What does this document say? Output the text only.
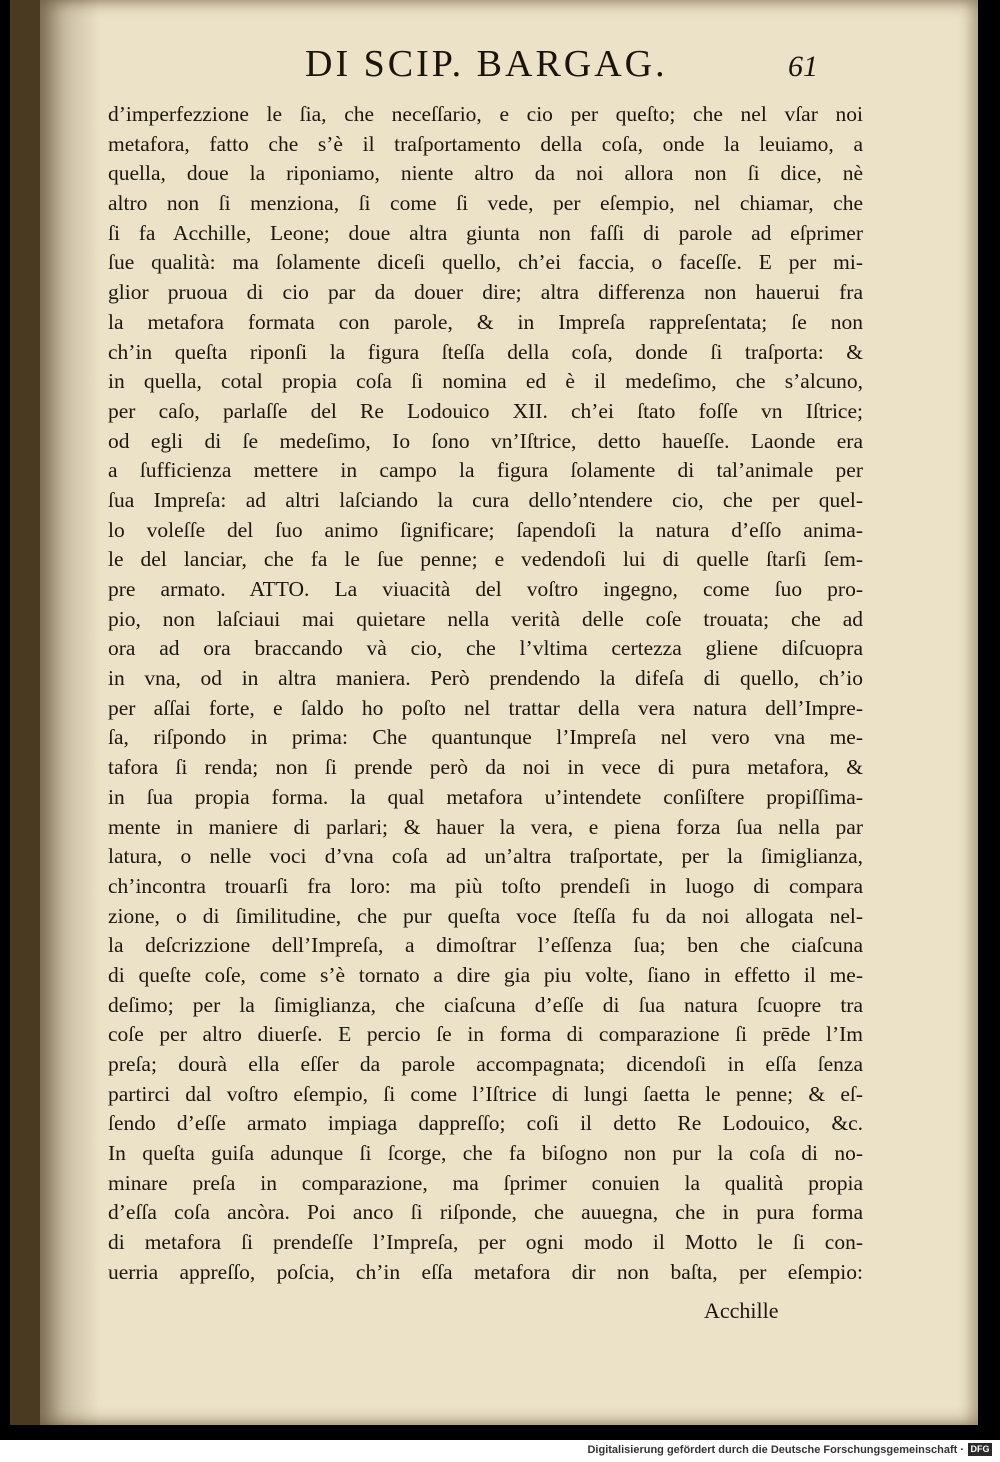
DI SCIP. BARGAG.	61
d’imperfezzione le ſia, che neceſſario, e cio per queſto; che nel vſar noi
metafora, fatto che s’è il traſportamento della coſa, onde la leuiamo, a
quella, doue la riponiamo, niente altro da noi allora non ſi dice, nè
altro non ſi menziona, ſi come ſi vede, per eſempio, nel chiamar, che
ſi fa Acchille, Leone; doue altra giunta non faſſi di parole ad eſprimer
ſue qualità: ma ſolamente diceſi quello, ch’ei faccia, o faceſſe. E per mi-
glior pruoua di cio par da douer dire; altra differenza non hauerui fra
la metafora formata con parole, & in Impreſa rappreſentata; ſe non
ch’in queſta riponſi la figura ſteſſa della coſa, donde ſi traſporta: &
in quella, cotal propia coſa ſi nomina ed è il medeſimo, che s’alcuno,
per caſo, parlaſſe del Re Lodouico XII. ch’ei ſtato foſſe vn Iſtrice;
od egli di ſe medeſimo, Io ſono vn’Iſtrice, detto haueſſe. Laonde era
a ſufficienza mettere in campo la figura ſolamente di tal’animale per
ſua Impreſa: ad altri laſciando la cura dello’ntendere cio, che per quel-
lo voleſſe del ſuo animo ſignificare; ſapendoſi la natura d’eſſo anima-
le del lanciar, che fa le ſue penne; e vedendoſi lui di quelle ſtarſi ſem-
pre armato. ATTO. La viuacità del voſtro ingegno, come ſuo pro-
pio, non laſciaui mai quietare nella verità delle coſe trouata; che ad
ora ad ora braccando và cio, che l’vltima certezza gliene diſcuopra
in vna, od in altra maniera. Però prendendo la difeſa di quello, ch’io
per aſſai forte, e ſaldo ho poſto nel trattar della vera natura dell’Impre-
ſa, riſpondo in prima: Che quantunque l’Impreſa nel vero vna me-
tafora ſi renda; non ſi prende però da noi in vece di pura metafora, &
in ſua propia forma. la qual metafora u’intendete conſiſtere propiſſima-
mente in maniere di parlari; & hauer la vera, e piena forza ſua nella par
latura, o nelle voci d’vna coſa ad un’altra traſportate, per la ſimiglianza,
ch’incontra trouarſi fra loro: ma più toſto prendeſi in luogo di compara
zione, o di ſimilitudine, che pur queſta voce ſteſſa fu da noi allogata nel-
la deſcrizzione dell’Impreſa, a dimoſtrar l’eſſenza ſua; ben che ciaſcuna
di queſte coſe, come s’è tornato a dire gia piu volte, ſiano in effetto il me-
deſimo; per la ſimiglianza, che ciaſcuna d’eſſe di ſua natura ſcuopre tra
coſe per altro diuerſe. E percio ſe in forma di comparazione ſi prēde l’Im
preſa; dourà ella eſſer da parole accompagnata; dicendoſi in eſſa ſenza
partirci dal voſtro eſempio, ſi come l’Iſtrice di lungi ſaetta le penne; & eſ-
ſendo d’eſſe armato impiaga dappreſſo; coſi il detto Re Lodouico, &c.
In queſta guiſa adunque ſi ſcorge, che fa biſogno non pur la coſa di no-
minare preſa in comparazione, ma ſprimer conuien la qualità propia
d’eſſa coſa ancòra. Poi anco ſi riſponde, che auuegna, che in pura forma
di metafora ſi prendeſſe l’Impreſa, per ogni modo il Motto le ſi con-
uerria appreſſo, poſcia, ch’in eſſa metafora dir non baſta, per eſempio:
Acchille
Digitalisierung gefördert durch die Deutsche Forschungsgemeinschaft · DFG
